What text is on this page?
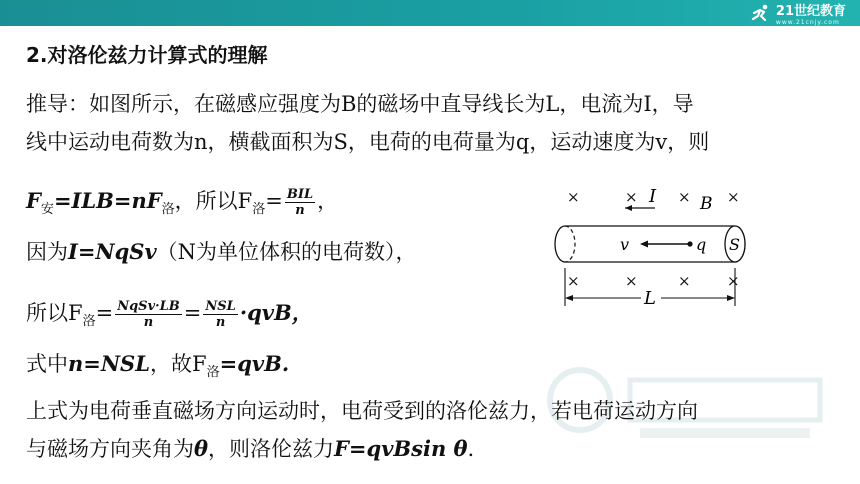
21世纪教育
www.21cnjy.com
2.对洛伦兹力计算式的理解
推导：如图所示，在磁感应强度为B的磁场中直导线长为L，电流为I，导
线中运动电荷数为n，横截面积为S，电荷的电荷量为q，运动速度为v，则
$F_安=ILB=nF_洛$，所以$F_洛= \frac{\text{BIL}}{n}$ ，
因为I=NqSv（N为单位体积的电荷数），
所以$F_洛= \frac{\text{NqSv·LB}}{n} = \frac{\text{NSL}}{n} \cdot qvB$，
式中n=NSL，故$F_洛=qvB$.
上式为电荷垂直磁场方向运动时，电荷受到的洛伦兹力，若电荷运动方向
与磁场方向夹角为θ，则洛伦兹力F=qvBsin θ.
×	×	× ×
I	B
S
v	q
×	×	× ×
L
